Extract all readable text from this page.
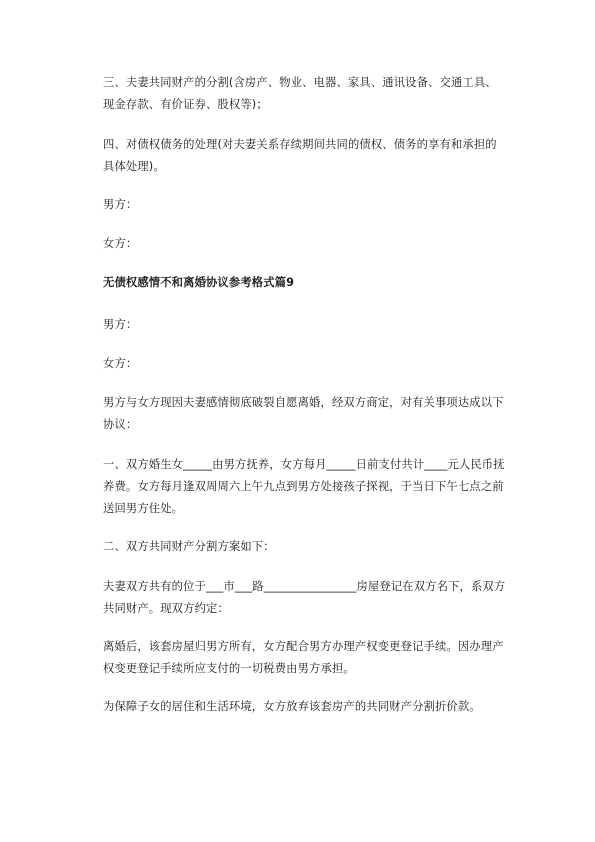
三、夫妻共同财产的分割(含房产、物业、电器、家具、通讯设备、交通工具、现金存款、有价证券、股权等)；

四、对债权债务的处理(对夫妻关系存续期间共同的债权、债务的享有和承担的具体处理)。

男方：

女方：

无债权感情不和离婚协议参考格式篇9

男方：

女方：

男方与女方现因夫妻感情彻底破裂自愿离婚，经双方商定，对有关事项达成以下协议：

一、双方婚生女_____由男方抚养，女方每月_____日前支付共计____元人民币抚养费。女方每月逢双周周六上午九点到男方处接孩子探视，于当日下午七点之前送回男方住处。

二、双方共同财产分割方案如下：

夫妻双方共有的位于___市___路________________房屋登记在双方名下，系双方共同财产。现双方约定：

离婚后，该套房屋归男方所有，女方配合男方办理产权变更登记手续。因办理产权变更登记手续所应支付的一切税费由男方承担。

为保障子女的居住和生活环境，女方放弃该套房产的共同财产分割折价款。
